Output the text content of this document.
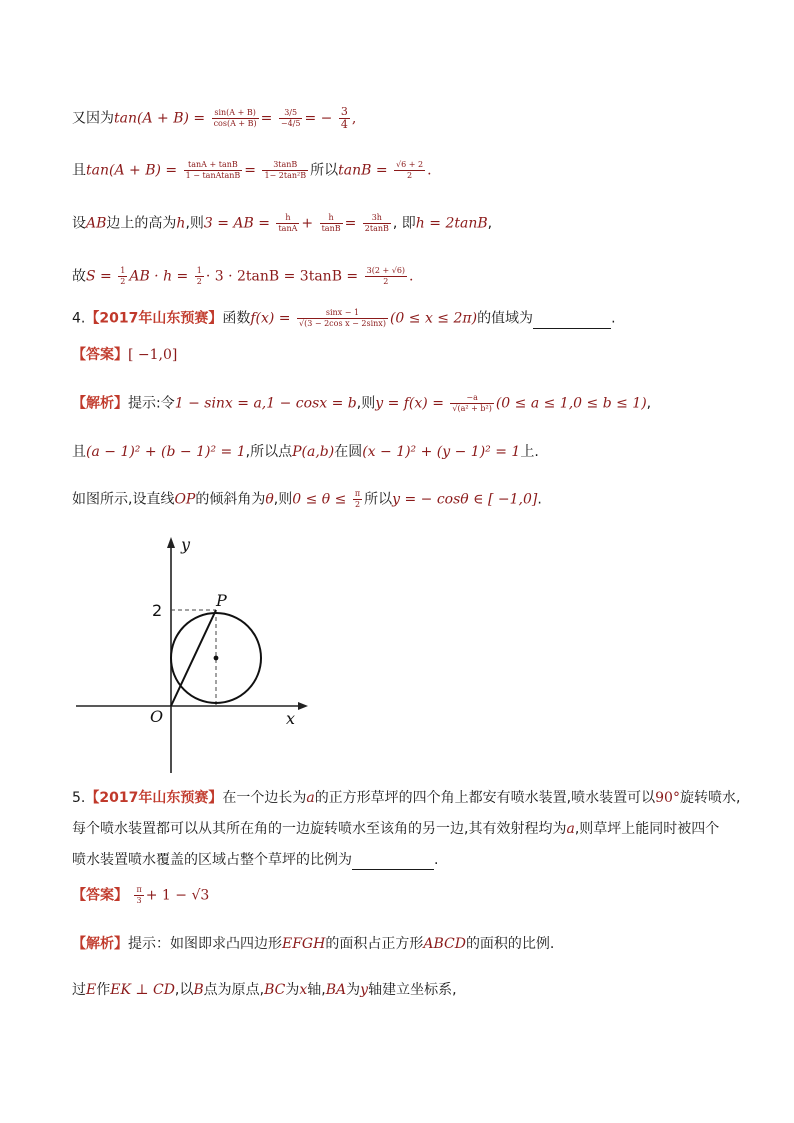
又因为$\tan(A + B) = \frac{\sin(A + B)}{\cos(A + B)} = \frac{3/5}{-4/5}$ = − $\frac{3}{4}$ ,
且$\tan(A + B) = \frac{\tan A + \tan B}{\text{1 − tanAtanB}} = \frac{3\tan B}{\text{1− 2tan²B}}$ 所以$\tan B = \frac{√6 + 2}{2}$ .
设AB边上的高为h,则3 = AB = $\frac{h}{\tan A} + \frac{h}{\tan B} = \frac{3h}{2\tan B}$ , 即h = 2tanB,
故$S = \frac{1}{2}$ AB · $h = \frac{1}{2} \cdot 3 \cdot 2\tan B = 3\tan B = \frac{3(2 + √6)}{2}$ .
4.【2017年山东预赛】函数$f(x) = \frac{\sin x - 1}{\text{√(3 − 2cos x − 2sinx)}} (0 \le x \le 2\pi)$的值域为	.
【答案】[ −1,0]
【解析】提示:令1 − sinx = a,1 − cosx = b,则$y = f(x) = \frac{-a}{\text{√(a² + b²)}} (0 \le a \le 1,0 \le b \le 1)$,
且(a − 1)² + (b − 1)² = 1,所以点P(a,b)在圆(x − 1)² + (y − 1)² = 1上.
如图所示,设直线OP的倾斜角为θ,则$0 \le \theta \le \frac{\pi}{2}$ 所以y = − cosθ ∈ [ −1,0].
y
x
O
P
2
5.【2017年山东预赛】在一个边长为a的正方形草坪的四个角上都安有喷水装置,喷水装置可以90°旋转喷水,
每个喷水装置都可以从其所在角的一边旋转喷水至该角的另一边,其有效射程均为a,则草坪上能同时被四个
喷水装置喷水覆盖的区域占整个草坪的比例为	.
【答案】 $\frac{\pi}{3} + 1 - √3$
【解析】提示：如图即求凸四边形EFGH的面积占正方形ABCD的面积的比例.
过E作EK ⊥ CD,以B点为原点,BC为x轴,BA为y轴建立坐标系,
